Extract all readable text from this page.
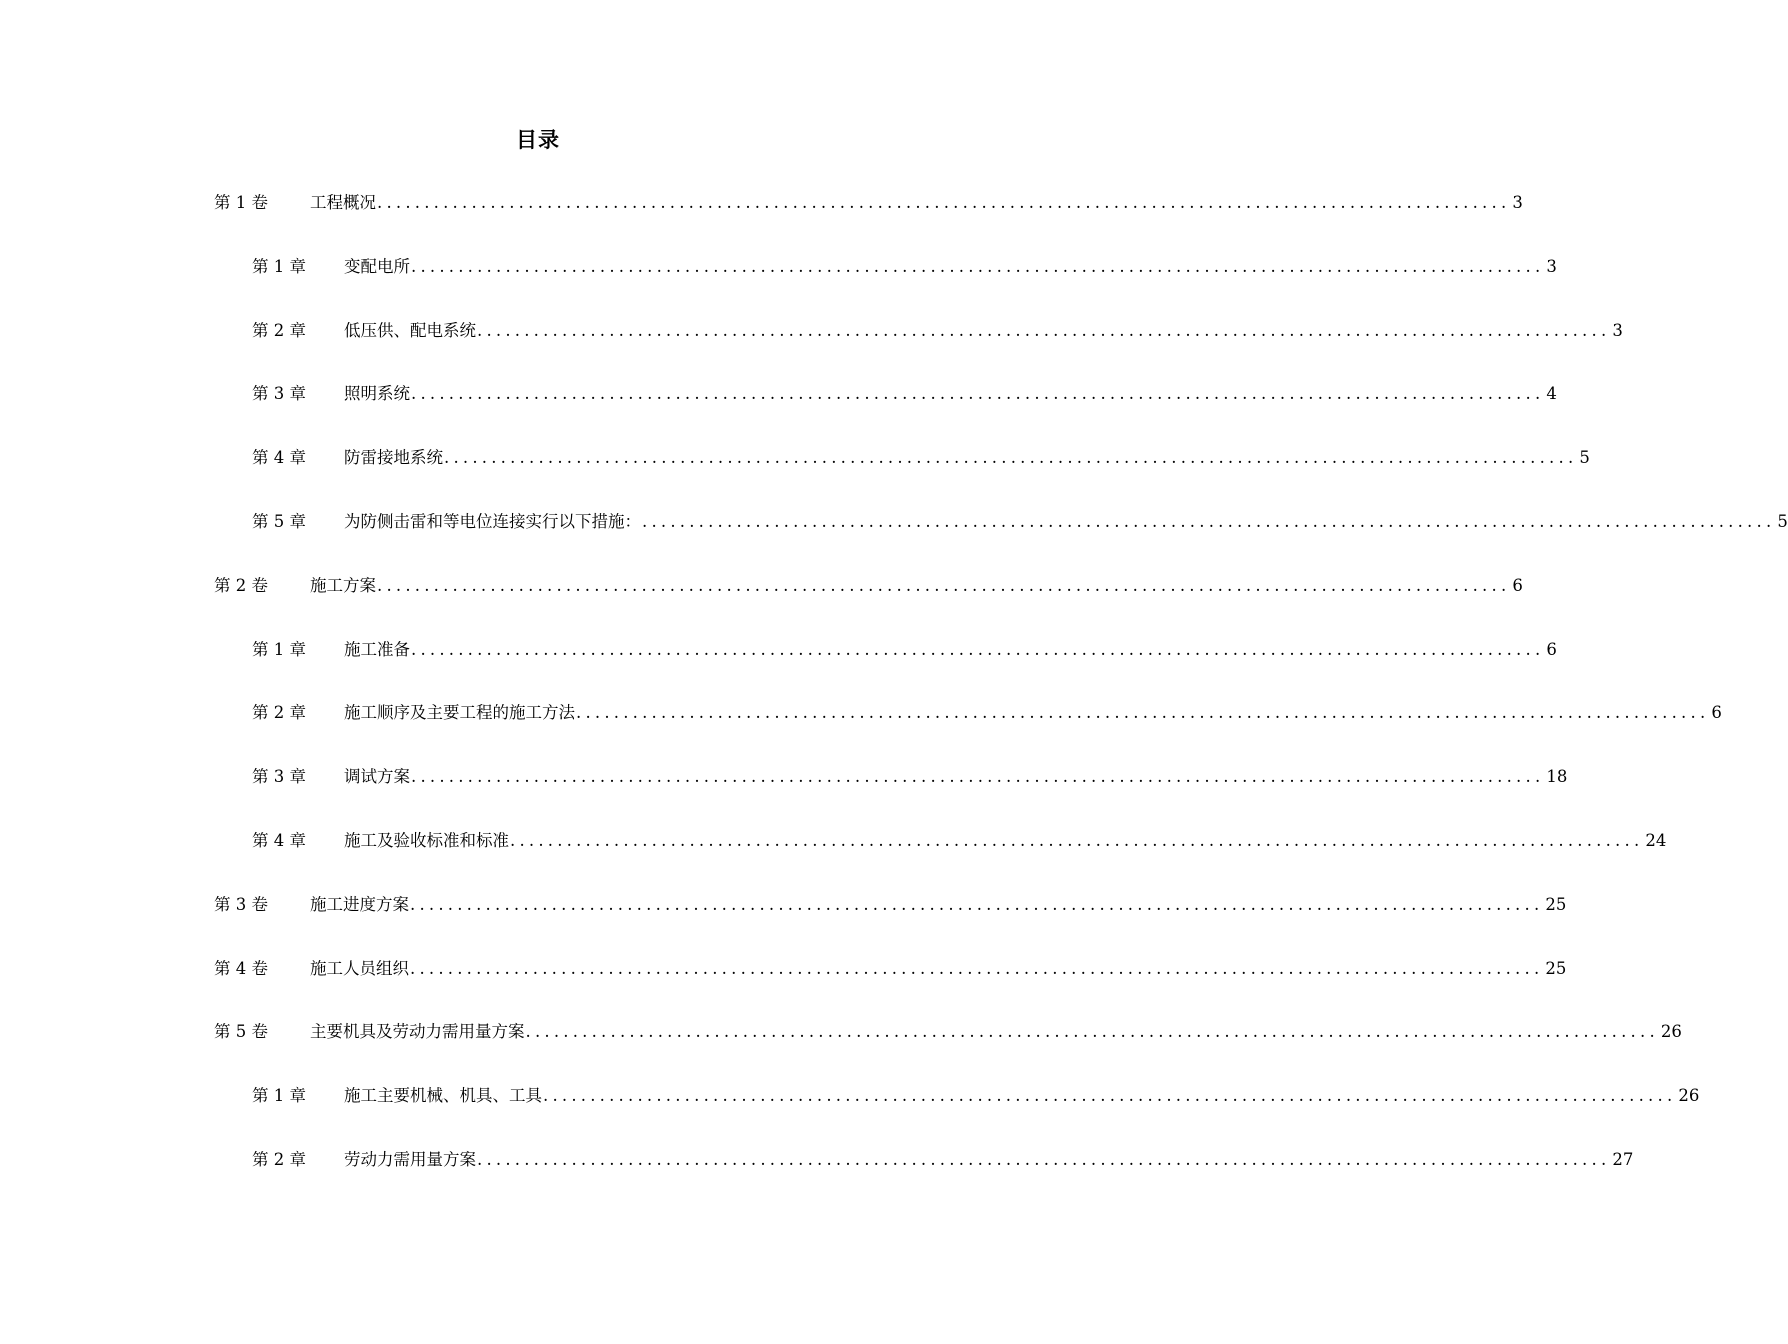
目录
第 1 卷	工程概况 ........................................................................................................................ 3
第 1 章 变配电所 ........................................................................................................................ 3
第 2 章 低压供、配电系统 ........................................................................................................................ 3
第 3 章 照明系统 ........................................................................................................................ 4
第 4 章 防雷接地系统 ........................................................................................................................ 5
第 5 章 为防侧击雷和等电位连接实行以下措施： ........................................................................................................................ 5
第 2 卷	施工方案 ........................................................................................................................ 6
第 1 章 施工准备 ........................................................................................................................ 6
第 2 章 施工顺序及主要工程的施工方法 ........................................................................................................................ 6
第 3 章 调试方案 ........................................................................................................................ 18
第 4 章 施工及验收标准和标准 ........................................................................................................................ 24
第 3 卷	施工进度方案 ........................................................................................................................ 25
第 4 卷	施工人员组织 ........................................................................................................................ 25
第 5 卷	主要机具及劳动力需用量方案 ........................................................................................................................ 26
第 1 章 施工主要机械、机具、工具 ........................................................................................................................ 26
第 2 章 劳动力需用量方案 ........................................................................................................................ 27
